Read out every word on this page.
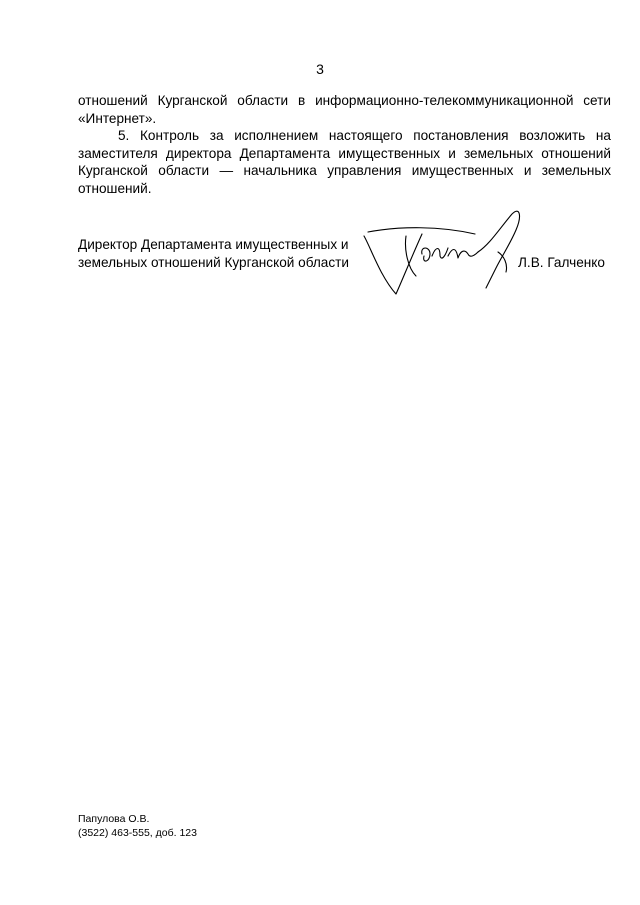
3

отношений Курганской области в информационно-телекоммуникационной сети «Интернет».

5. Контроль за исполнением настоящего постановления возложить на заместителя директора Департамента имущественных и земельных отношений Курганской области — начальника управления имущественных и земельных отношений.

Директор Департамента имущественных и
земельных отношений Курганской области	Л.В. Галченко
Папулова О.В.
(3522) 463-555, доб. 123
